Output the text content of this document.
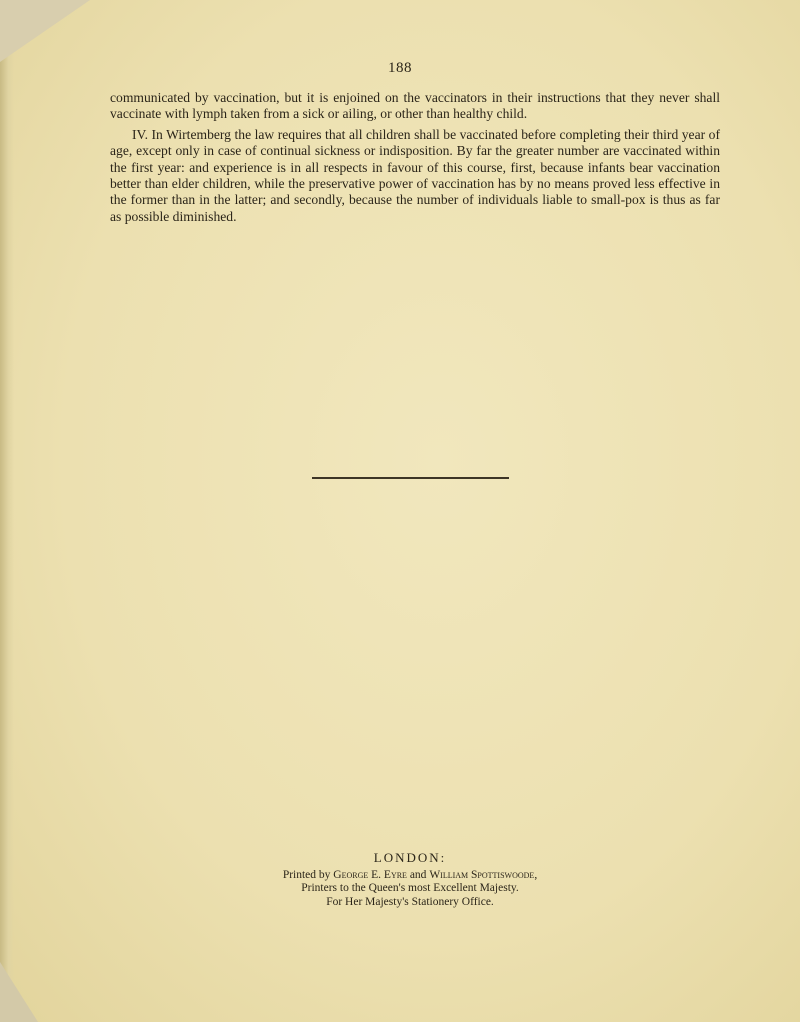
188

communicated by vaccination, but it is enjoined on the vaccinators in their instructions that they never shall vaccinate with lymph taken from a sick or ailing, or other than healthy child.

IV. In Wirtemberg the law requires that all children shall be vaccinated before completing their third year of age, except only in case of continual sickness or indisposition. By far the greater number are vaccinated within the first year: and experience is in all respects in favour of this course, first, because infants bear vaccination better than elder children, while the preservative power of vaccination has by no means proved less effective in the former than in the latter; and secondly, because the number of individuals liable to small-pox is thus as far as possible diminished.

LONDON:
Printed by George E. Eyre and William Spottiswoode,
Printers to the Queen's most Excellent Majesty.
For Her Majesty's Stationery Office.
